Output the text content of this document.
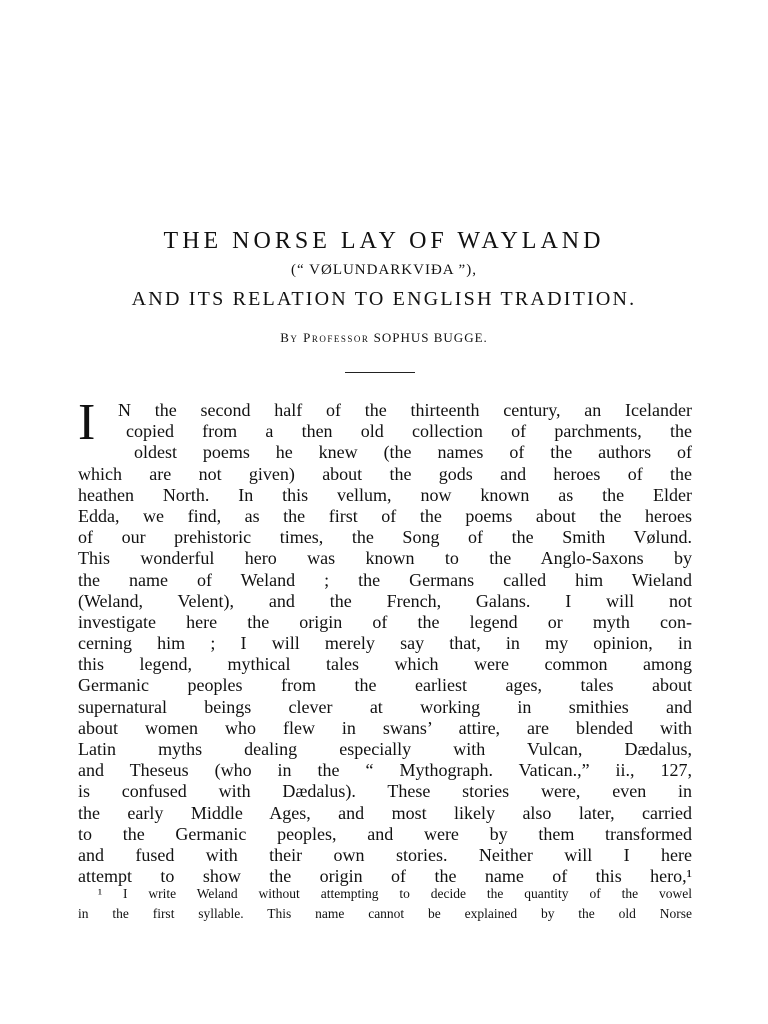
THE NORSE LAY OF WAYLAND
(“ VØLUNDARKVIÐA ”),
AND ITS RELATION TO ENGLISH TRADITION.
By Professor SOPHUS BUGGE.
I	N the second half of the thirteenth century, an Icelander
copied from a then old collection of parchments, the
oldest poems he knew (the names of the authors of
which are not given) about the gods and heroes of the
heathen North. In this vellum, now known as the Elder
Edda, we find, as the first of the poems about the heroes
of our prehistoric times, the Song of the Smith Vølund.
This wonderful hero was known to the Anglo-Saxons by
the name of Weland ; the Germans called him Wieland
(Weland, Velent), and the French, Galans. I will not
investigate here the origin of the legend or myth con-
cerning him ; I will merely say that, in my opinion, in
this legend, mythical tales which were common among
Germanic peoples from the earliest ages, tales about
supernatural beings clever at working in smithies and
about women who flew in swans’ attire, are blended with
Latin myths dealing especially with Vulcan, Dædalus,
and Theseus (who in the “ Mythograph. Vatican.,” ii., 127,
is confused with Dædalus). These stories were, even in
the early Middle Ages, and most likely also later, carried
to the Germanic peoples, and were by them transformed
and fused with their own stories. Neither will I here
attempt to show the origin of the name of this hero,¹
¹ I write Weland without attempting to decide the quantity of the vowel
in the first syllable. This name cannot be explained by the old Norse
